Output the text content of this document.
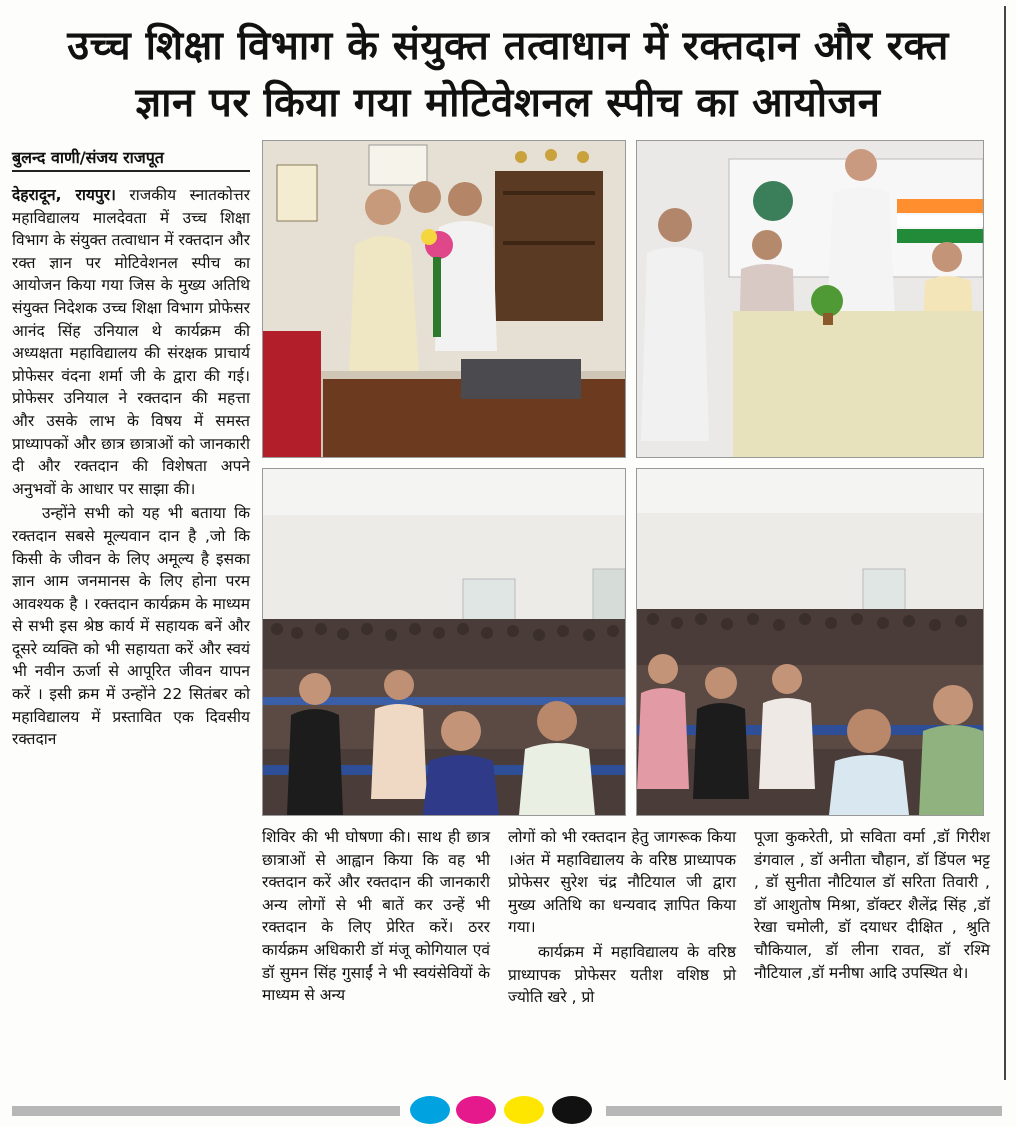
उच्च शिक्षा विभाग के संयुक्त तत्वाधान में रक्तदान और रक्त
ज्ञान पर किया गया मोटिवेशनल स्पीच का आयोजन

बुलन्द वाणी/संजय राजपूत

देहरादून, रायपुर। राजकीय स्नातकोत्तर महाविद्यालय मालदेवता में उच्च शिक्षा विभाग के संयुक्त तत्वाधान में रक्तदान और रक्त ज्ञान पर मोटिवेशनल स्पीच का आयोजन किया गया जिस के मुख्य अतिथि संयुक्त निदेशक उच्च शिक्षा विभाग प्रोफेसर आनंद सिंह उनियाल थे कार्यक्रम की अध्यक्षता महाविद्यालय की संरक्षक प्राचार्य प्रोफेसर वंदना शर्मा जी के द्वारा की गई। प्रोफेसर उनियाल ने रक्तदान की महत्ता और उसके लाभ के विषय में समस्त प्राध्यापकों और छात्र छात्राओं को जानकारी दी और रक्तदान की विशेषता अपने अनुभवों के आधार पर साझा की।

उन्होंने सभी को यह भी बताया कि रक्तदान सबसे मूल्यवान दान है ,जो कि किसी के जीवन के लिए अमूल्य है इसका ज्ञान आम जनमानस के लिए होना परम आवश्यक है । रक्तदान कार्यक्रम के माध्यम से सभी इस श्रेष्ठ कार्य में सहायक बनें और दूसरे व्यक्ति को भी सहायता करें और स्वयं भी नवीन ऊर्जा से आपूरित जीवन यापन करें । इसी क्रम में उन्होंने 22 सितंबर को महाविद्यालय में प्रस्तावित एक दिवसीय रक्तदान

शिविर की भी घोषणा की। साथ ही छात्र छात्राओं से आह्वान किया कि वह भी रक्तदान करें और रक्तदान की जानकारी अन्य लोगों से भी बातें कर उन्हें भी रक्तदान के लिए प्रेरित करें। ठरर कार्यक्रम अधिकारी डॉ मंजू कोगियाल एवं डॉ सुमन सिंह गुसाईं ने भी स्वयंसेवियों के माध्यम से अन्य

लोगों को भी रक्तदान हेतु जागरूक किया ।अंत में महाविद्यालय के वरिष्ठ प्राध्यापक प्रोफेसर सुरेश चंद्र नौटियाल जी द्वारा मुख्य अतिथि का धन्यवाद ज्ञापित किया गया।

कार्यक्रम में महाविद्यालय के वरिष्ठ प्राध्यापक प्रोफेसर यतीश वशिष्ठ प्रो ज्योति खरे , प्रो

पूजा कुकरेती, प्रो सविता वर्मा ,डॉ गिरीश डंगवाल , डॉ अनीता चौहान, डॉ डिंपल भट्ट , डॉ सुनीता नौटियाल डॉ सरिता तिवारी , डॉ आशुतोष मिश्रा, डॉक्टर शैलेंद्र सिंह ,डॉ रेखा चमोली, डॉ दयाधर दीक्षित , श्रुति चौकियाल, डॉ लीना रावत, डॉ रश्मि नौटियाल ,डॉ मनीषा आदि उपस्थित थे।
